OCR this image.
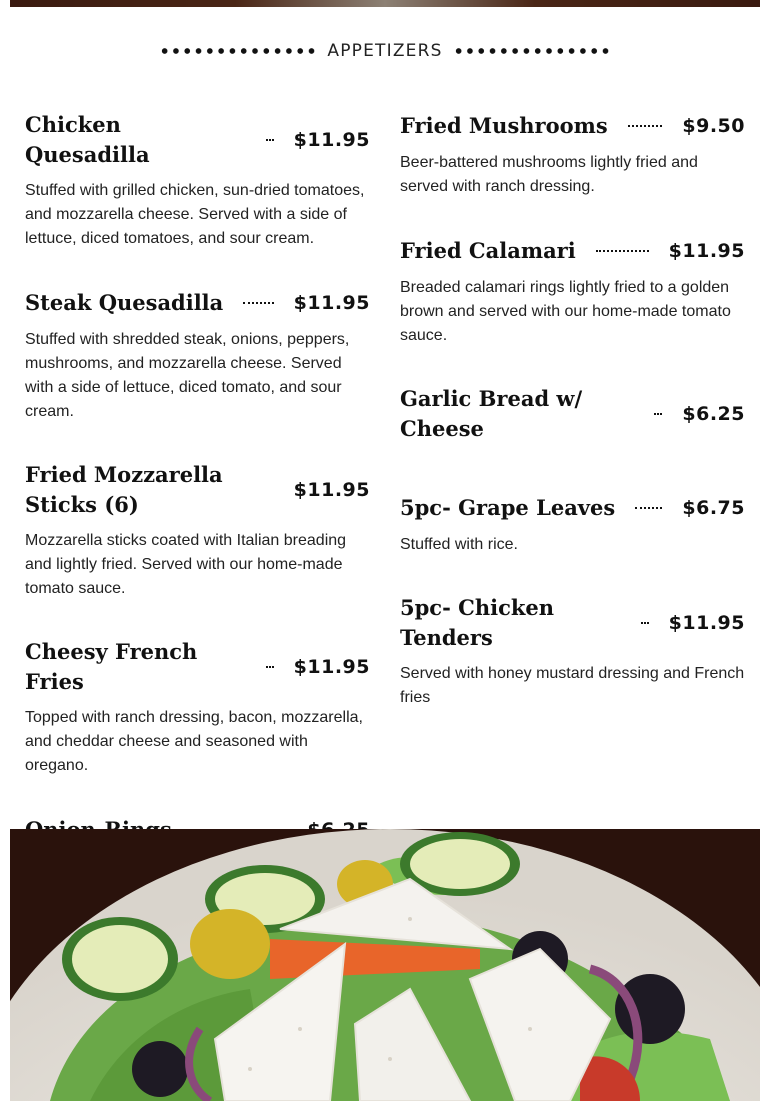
APPETIZERS
Chicken Quesadilla
$11.95
Stuffed with grilled chicken, sun-dried tomatoes, and mozzarella cheese. Served with a side of lettuce, diced tomatoes, and sour cream.
Steak Quesadilla	$11.95
Stuffed with shredded steak, onions, peppers, mushrooms, and mozzarella cheese. Served with a side of lettuce, diced tomato, and sour cream.
Fried Mozzarella Sticks (6)
$11.95
Mozzarella sticks coated with Italian breading and lightly fried. Served with our home-made tomato sauce.
Cheesy French Fries
$11.95
Topped with ranch dressing, bacon, mozzarella, and cheddar cheese and seasoned with oregano.
Fried Mushrooms	$9.50
Beer-battered mushrooms lightly fried and served with ranch dressing.
Fried Calamari	$11.95
Breaded calamari rings lightly fried to a golden brown and served with our home-made tomato sauce.
Garlic Bread w/ Cheese
$6.25
5pc- Grape Leaves	$6.75
Stuffed with rice.
5pc- Chicken Tenders
$11.95
Served with honey mustard dressing and French fries
